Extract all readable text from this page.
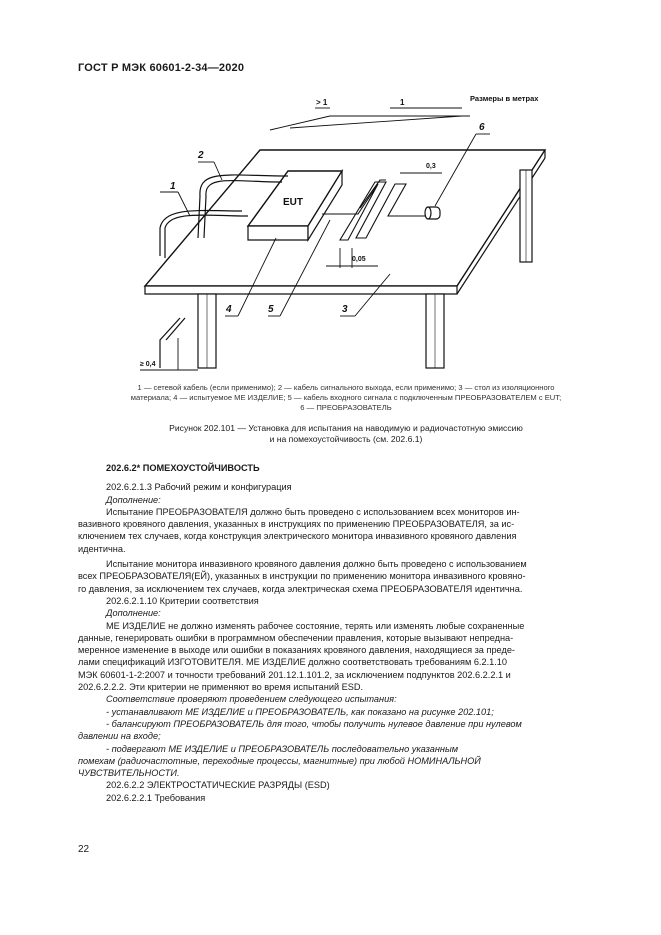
ГОСТ Р МЭК 60601-2-34—2020
EUT
> 1	1	Размеры в метрах
0,3
0,05
≥ 0,4
1
2
3
4	5
6
1 — сетевой кабель (если применимо); 2 — кабель сигнального выхода, если применимо; 3 — стол из изоляционного
материала; 4 — испытуемое МЕ ИЗДЕЛИЕ; 5 — кабель входного сигнала с подключенным ПРЕОБРАЗОВАТЕЛЕМ с EUT;
6 — ПРЕОБРАЗОВАТЕЛЬ
Рисунок 202.101 — Установка для испытания на наводимую и радиочастотную эмиссию
и на помехоустойчивость (см. 202.6.1)
202.6.2* ПОМЕХОУСТОЙЧИВОСТЬ
202.6.2.1.3 Рабочий режим и конфигурация
Дополнение:
Испытание ПРЕОБРАЗОВАТЕЛЯ должно быть проведено с использованием всех мониторов ин-
вазивного кровяного давления, указанных в инструкциях по применению ПРЕОБРАЗОВАТЕЛЯ, за ис-
ключением тех случаев, когда конструкция электрического монитора инвазивного кровяного давления
идентична.
Испытание монитора инвазивного кровяного давления должно быть проведено с использованием
всех ПРЕОБРАЗОВАТЕЛЯ(ЕЙ), указанных в инструкции по применению монитора инвазивного кровяно-
го давления, за исключением тех случаев, когда электрическая схема ПРЕОБРАЗОВАТЕЛЯ идентична.
202.6.2.1.10 Критерии соответствия
Дополнение:
МЕ ИЗДЕЛИЕ не должно изменять рабочее состояние, терять или изменять любые сохраненные
данные, генерировать ошибки в программном обеспечении правления, которые вызывают непредна-
меренное изменение в выходе или ошибки в показаниях кровяного давления, находящиеся за преде-
лами спецификаций ИЗГОТОВИТЕЛЯ. МЕ ИЗДЕЛИЕ должно соответствовать требованиям 6.2.1.10
МЭК 60601-1-2:2007 и точности требований 201.12.1.101.2, за исключением подпунктов 202.6.2.2.1 и
202.6.2.2.2. Эти критерии не применяют во время испытаний ESD.
Соответствие проверяют проведением следующего испытания:
- устанавливают МЕ ИЗДЕЛИЕ и ПРЕОБРАЗОВАТЕЛЬ, как показано на рисунке 202.101;
- балансируют ПРЕОБРАЗОВАТЕЛЬ для того, чтобы получить нулевое давление при нулевом
давлении на входе;
- подвергают МЕ ИЗДЕЛИЕ и ПРЕОБРАЗОВАТЕЛЬ последовательно указанным
помехам (радиочастотные, переходные процессы, магнитные) при любой НОМИНАЛЬНОЙ
ЧУВСТВИТЕЛЬНОСТИ.
202.6.2.2 ЭЛЕКТРОСТАТИЧЕСКИЕ РАЗРЯДЫ (ESD)
202.6.2.2.1 Требования
22
